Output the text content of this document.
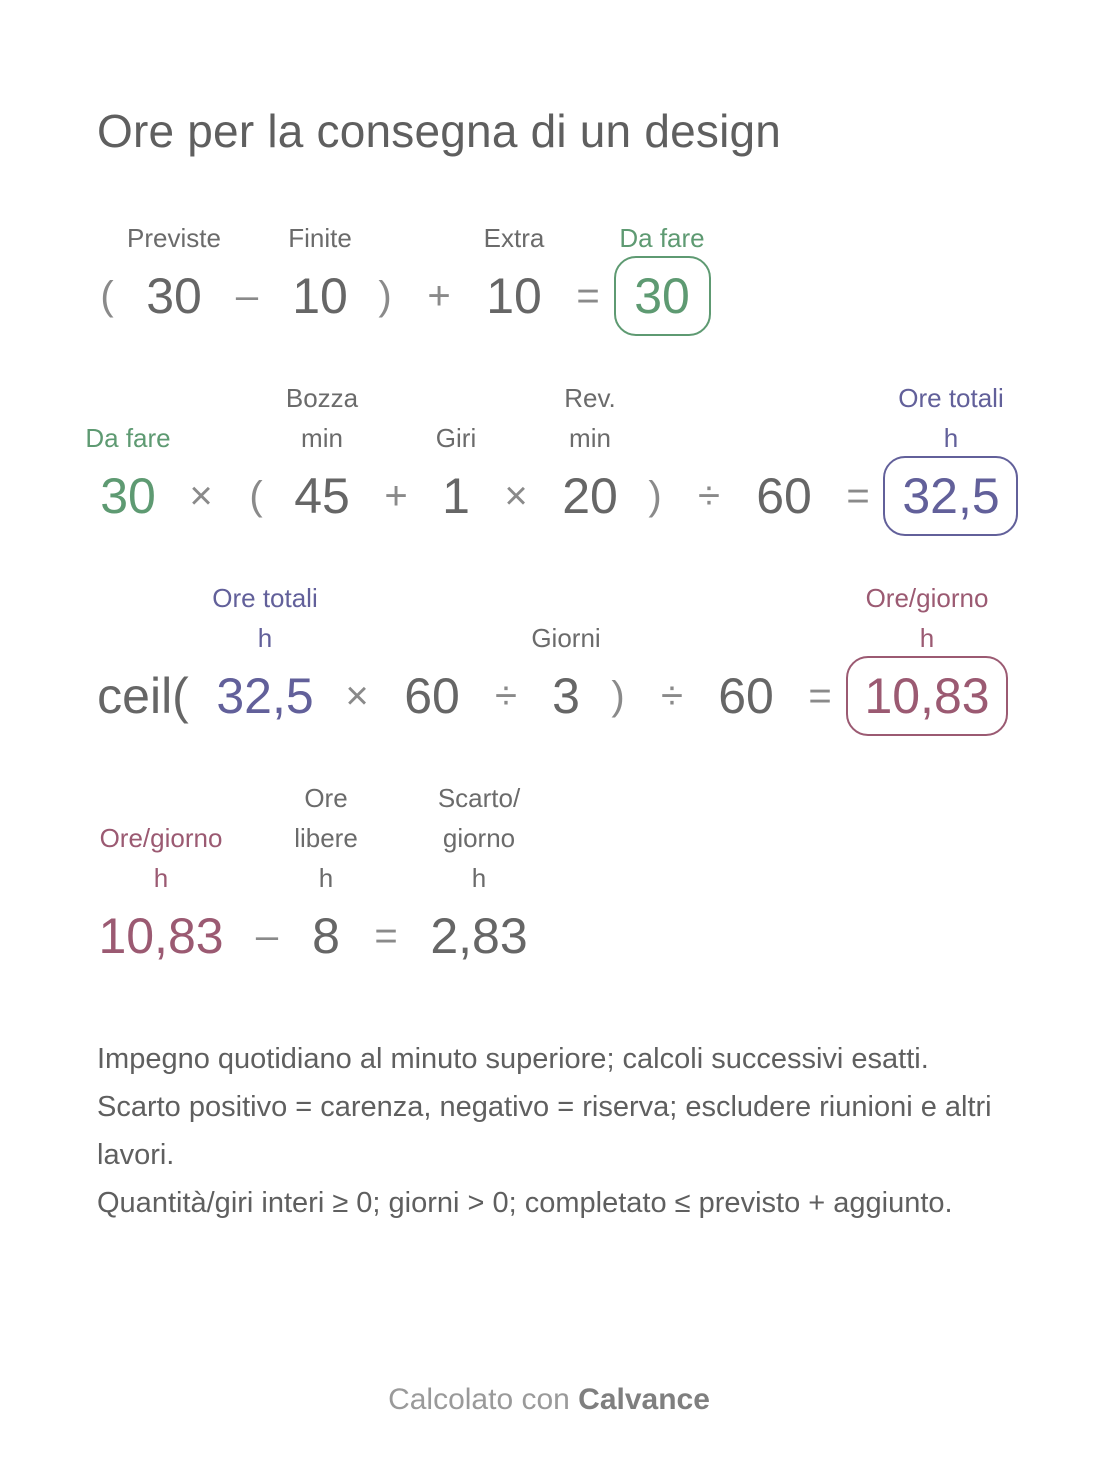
Ore per la consegna di un design
Previste	Finite	Extra	Da fare
( 30 – 10 ) + 10 = 30
Da fare
Bozza
min	Giri
Rev.
min
Ore totali
h
30 × ( 45 + 1 × 20 ) ÷ 60 = 32,5
Ore totali
h	Giorni
Ore/giorno
h
ceil( 32,5 × 60 ÷ 3 ) ÷ 60 = 10,83
Ore/giorno
h
Ore
libere
h
Scarto/
giorno
h
10,83 – 8 = 2,83

Impegno quotidiano al minuto superiore; calcoli successivi esatti.

Scarto positivo = carenza, negativo = riserva; escludere riunioni e altri lavori.

Quantità/giri interi ≥ 0; giorni > 0; completato ≤ previsto + aggiunto.

Calcolato con Calvance
